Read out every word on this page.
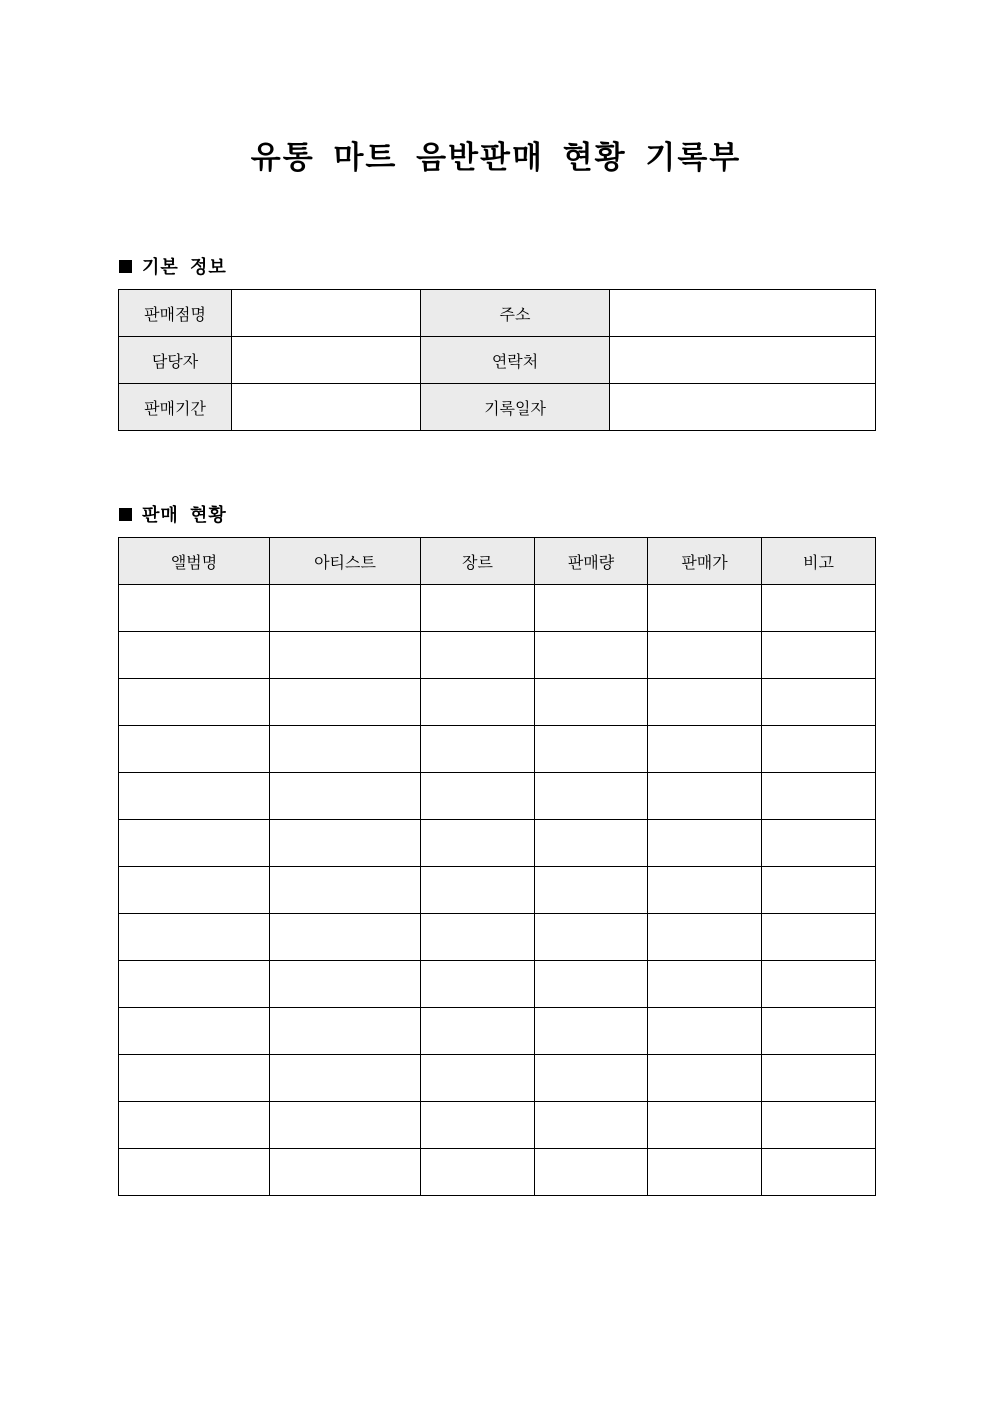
유통 마트 음반판매 현황 기록부
기본 정보
판매점명		주소	
담당자		연락처	
판매기간		기록일자	
판매 현황
앨범명	아티스트	장르	판매량	판매가	비고
